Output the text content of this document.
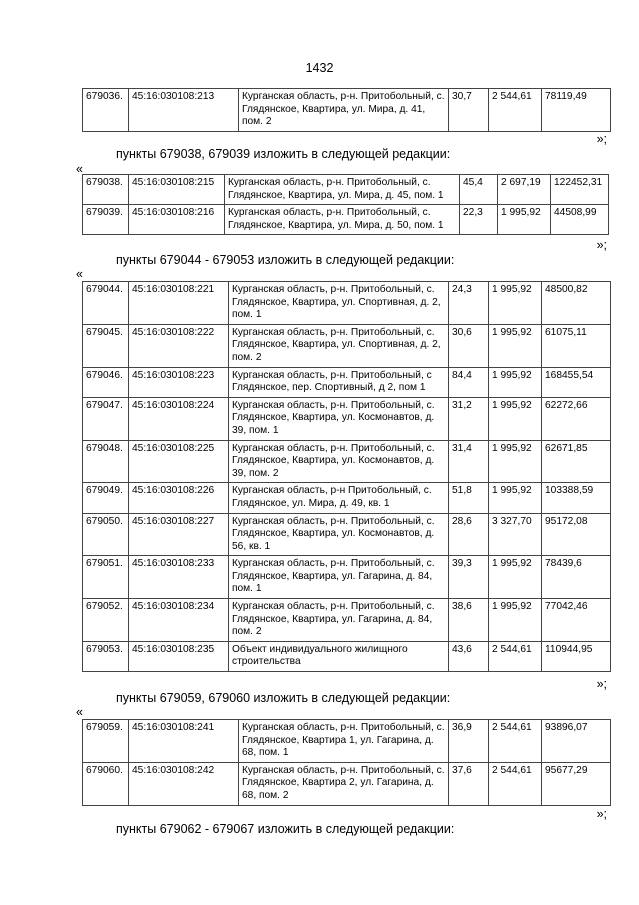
1432
679036.	45:16:030108:213	Курганская область, р-н. Притобольный, с. Глядянское, Квартира, ул. Мира, д. 41, пом. 2	30,7	2 544,61	78119,49
»;
пункты 679038, 679039 изложить в следующей редакции:
«
679038.	45:16:030108:215	Курганская область, р-н. Притобольный, с. Глядянское, Квартира, ул. Мира, д. 45, пом. 1	45,4	2 697,19	122452,31
679039.	45:16:030108:216	Курганская область, р-н. Притобольный, с. Глядянское, Квартира, ул. Мира, д. 50, пом. 1	22,3	1 995,92	44508,99
»;
пункты 679044 - 679053 изложить в следующей редакции:
«
679044.	45:16:030108:221	Курганская область, р-н. Притобольный, с. Глядянское, Квартира, ул. Спортивная, д. 2, пом. 1	24,3	1 995,92	48500,82
679045.	45:16:030108:222	Курганская область, р-н. Притобольный, с. Глядянское, Квартира, ул. Спортивная, д. 2, пом. 2	30,6	1 995,92	61075,11
679046.	45:16:030108:223	Курганская область, р-н. Притобольный, с Глядянское, пер. Спортивный, д 2, пом 1	84,4	1 995,92	168455,54
679047.	45:16:030108:224	Курганская область, р-н. Притобольный, с. Глядянское, Квартира, ул. Космонавтов, д. 39, пом. 1	31,2	1 995,92	62272,66
679048.	45:16:030108:225	Курганская область, р-н. Притобольный, с. Глядянское, Квартира, ул. Космонавтов, д. 39, пом. 2	31,4	1 995,92	62671,85
679049.	45:16:030108:226	Курганская область, р-н Притобольный, с. Глядянское, ул. Мира, д. 49, кв. 1	51,8	1 995,92	103388,59
679050.	45:16:030108:227	Курганская область, р-н. Притобольный, с. Глядянское, Квартира, ул. Космонавтов, д. 56, кв. 1	28,6	3 327,70	95172,08
679051.	45:16:030108:233	Курганская область, р-н. Притобольный, с. Глядянское, Квартира, ул. Гагарина, д. 84, пом. 1	39,3	1 995,92	78439,6
679052.	45:16:030108:234	Курганская область, р-н. Притобольный, с. Глядянское, Квартира, ул. Гагарина, д. 84, пом. 2	38,6	1 995,92	77042,46
679053.	45:16:030108:235	Объект индивидуального жилищного строительства	43,6	2 544,61	110944,95
»;
пункты 679059, 679060 изложить в следующей редакции:
«
679059.	45:16:030108:241	Курганская область, р-н. Притобольный, с. Глядянское, Квартира 1, ул. Гагарина, д. 68, пом. 1	36,9	2 544,61	93896,07
679060.	45:16:030108:242	Курганская область, р-н. Притобольный, с. Глядянское, Квартира 2, ул. Гагарина, д. 68, пом. 2	37,6	2 544,61	95677,29
»;
пункты 679062 - 679067 изложить в следующей редакции:
